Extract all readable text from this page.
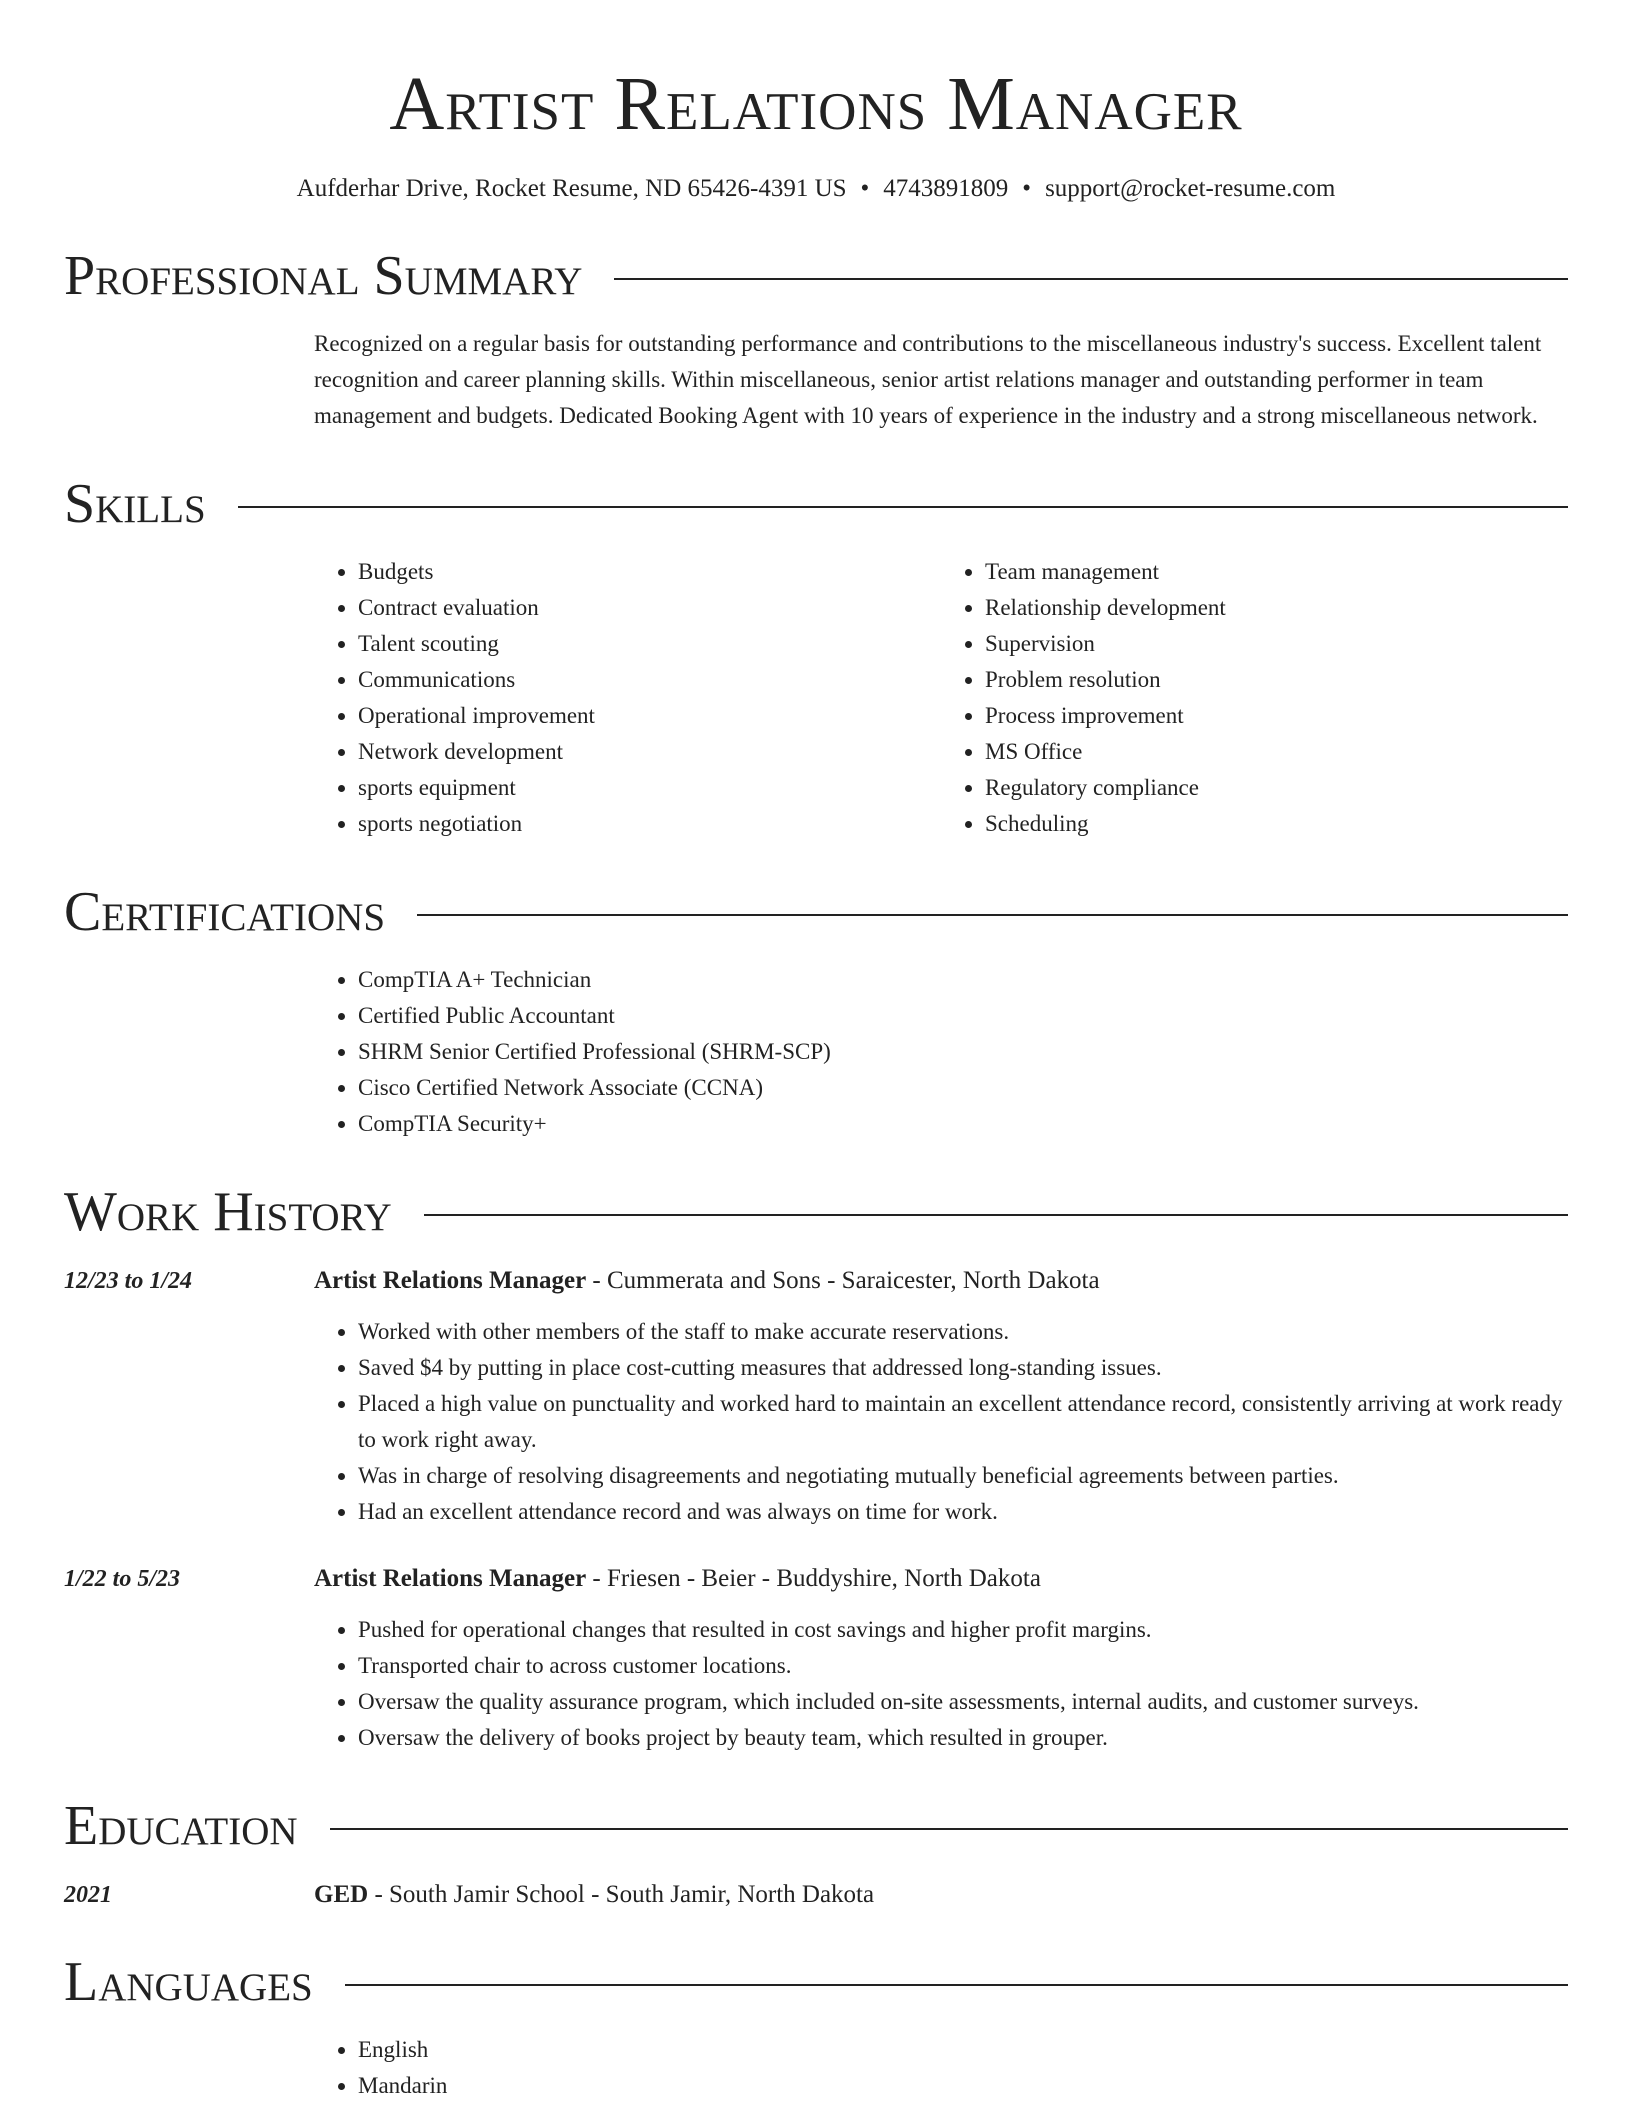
Artist Relations Manager
Aufderhar Drive, Rocket Resume, ND 65426-4391 US • 4743891809 • support@rocket-resume.com
Professional Summary
Recognized on a regular basis for outstanding performance and contributions to the miscellaneous industry's success. Excellent talent recognition and career planning skills. Within miscellaneous, senior artist relations manager and outstanding performer in team management and budgets. Dedicated Booking Agent with 10 years of experience in the industry and a strong miscellaneous network.
Skills
• Budgets
• Contract evaluation
• Talent scouting
• Communications
• Operational improvement
• Network development
• sports equipment
• sports negotiation
• Team management
• Relationship development
• Supervision
• Problem resolution
• Process improvement
• MS Office
• Regulatory compliance
• Scheduling
Certifications
• CompTIA A+ Technician
• Certified Public Accountant
• SHRM Senior Certified Professional (SHRM-SCP)
• Cisco Certified Network Associate (CCNA)
• CompTIA Security+
Work History
12/23 to 1/24	Artist Relations Manager - Cummerata and Sons - Saraicester, North Dakota
• Worked with other members of the staff to make accurate reservations.
• Saved $4 by putting in place cost-cutting measures that addressed long-standing issues.
• Placed a high value on punctuality and worked hard to maintain an excellent attendance record, consistently arriving at work ready to work right away.
• Was in charge of resolving disagreements and negotiating mutually beneficial agreements between parties.
• Had an excellent attendance record and was always on time for work.
1/22 to 5/23	Artist Relations Manager - Friesen - Beier - Buddyshire, North Dakota
• Pushed for operational changes that resulted in cost savings and higher profit margins.
• Transported chair to across customer locations.
• Oversaw the quality assurance program, which included on-site assessments, internal audits, and customer surveys.
• Oversaw the delivery of books project by beauty team, which resulted in grouper.
Education
2021	GED - South Jamir School - South Jamir, North Dakota
Languages
• English
• Mandarin
